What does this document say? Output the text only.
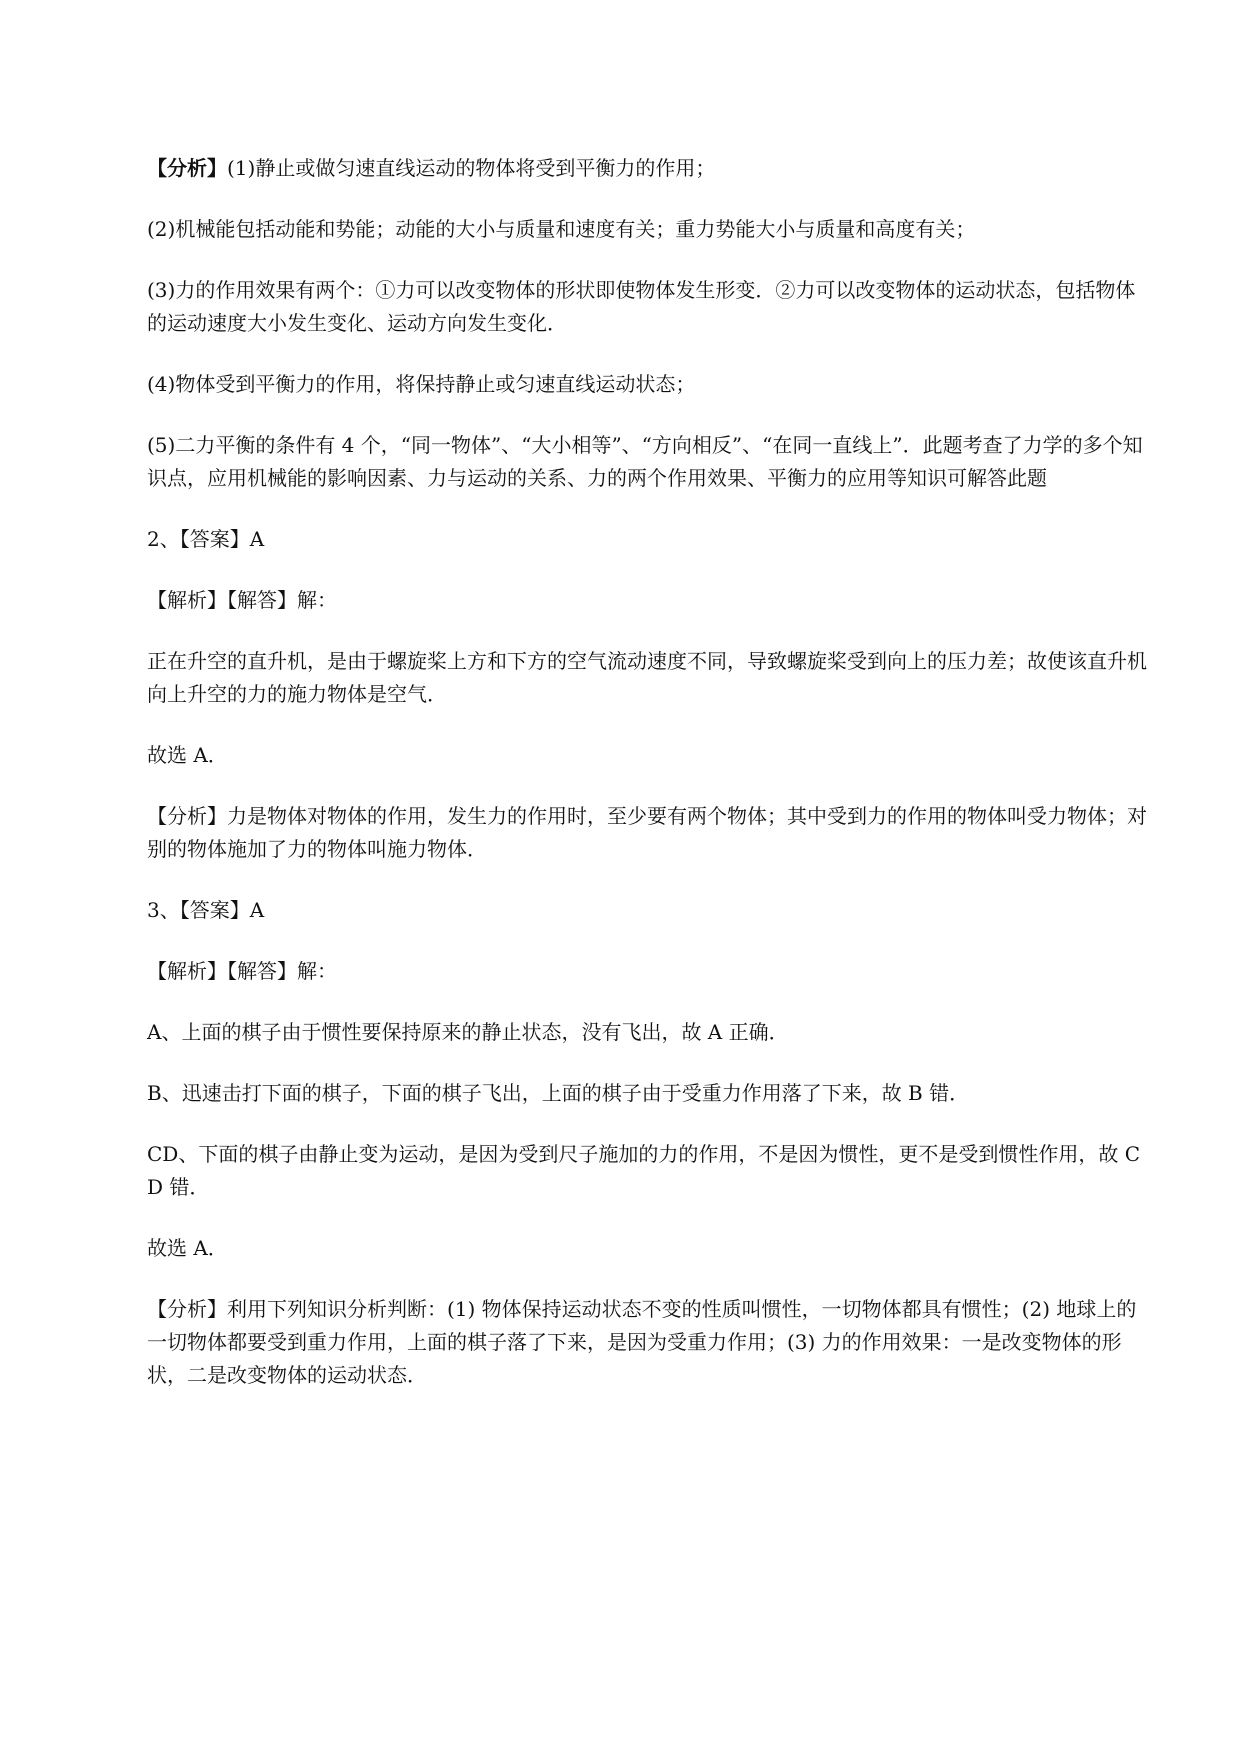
【分析】(1)静止或做匀速直线运动的物体将受到平衡力的作用；

(2)机械能包括动能和势能；动能的大小与质量和速度有关；重力势能大小与质量和高度有关；

(3)力的作用效果有两个：①力可以改变物体的形状即使物体发生形变．②力可以改变物体的运动状态，包括物体的运动速度大小发生变化、运动方向发生变化．

(4)物体受到平衡力的作用，将保持静止或匀速直线运动状态；

(5)二力平衡的条件有 4 个，“同一物体”、“大小相等”、“方向相反”、“在同一直线上”．此题考查了力学的多个知识点，应用机械能的影响因素、力与运动的关系、力的两个作用效果、平衡力的应用等知识可解答此题

2、【答案】A

【解析】【解答】解：

正在升空的直升机，是由于螺旋桨上方和下方的空气流动速度不同，导致螺旋桨受到向上的压力差；故使该直升机向上升空的力的施力物体是空气．

故选 A．

【分析】力是物体对物体的作用，发生力的作用时，至少要有两个物体；其中受到力的作用的物体叫受力物体；对别的物体施加了力的物体叫施力物体．

3、【答案】A

【解析】【解答】解：

A、上面的棋子由于惯性要保持原来的静止状态，没有飞出，故 A 正确．

B、迅速击打下面的棋子，下面的棋子飞出，上面的棋子由于受重力作用落了下来，故 B 错．

CD、下面的棋子由静止变为运动，是因为受到尺子施加的力的作用，不是因为惯性，更不是受到惯性作用，故 CD 错．

故选 A．

【分析】利用下列知识分析判断：(1) 物体保持运动状态不变的性质叫惯性，一切物体都具有惯性；(2) 地球上的一切物体都要受到重力作用，上面的棋子落了下来，是因为受重力作用；(3) 力的作用效果：一是改变物体的形状，二是改变物体的运动状态．
